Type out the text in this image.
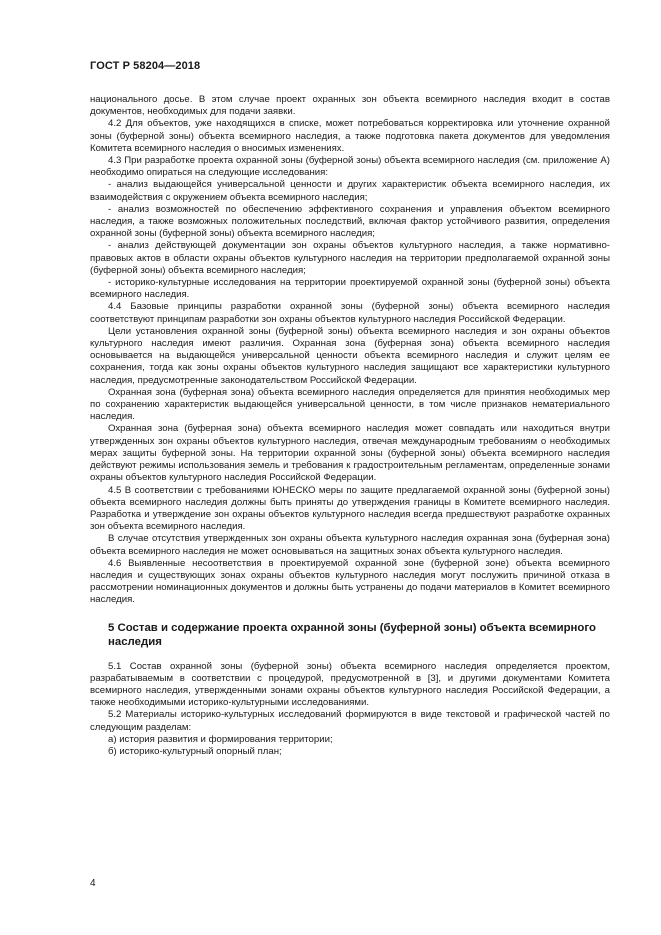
ГОСТ Р 58204—2018

национального досье. В этом случае проект охранных зон объекта всемирного наследия входит в состав документов, необходимых для подачи заявки.

4.2 Для объектов, уже находящихся в списке, может потребоваться корректировка или уточнение охранной зоны (буферной зоны) объекта всемирного наследия, а также подготовка пакета документов для уведомления Комитета всемирного наследия о вносимых изменениях.

4.3 При разработке проекта охранной зоны (буферной зоны) объекта всемирного наследия (см. приложение А) необходимо опираться на следующие исследования:

- анализ выдающейся универсальной ценности и других характеристик объекта всемирного наследия, их взаимодействия с окружением объекта всемирного наследия;

- анализ возможностей по обеспечению эффективного сохранения и управления объектом всемирного наследия, а также возможных положительных последствий, включая фактор устойчивого развития, определения охранной зоны (буферной зоны) объекта всемирного наследия;

- анализ действующей документации зон охраны объектов культурного наследия, а также нормативно-правовых актов в области охраны объектов культурного наследия на территории предполагаемой охранной зоны (буферной зоны) объекта всемирного наследия;

- историко-культурные исследования на территории проектируемой охранной зоны (буферной зоны) объекта всемирного наследия.

4.4 Базовые принципы разработки охранной зоны (буферной зоны) объекта всемирного наследия соответствуют принципам разработки зон охраны объектов культурного наследия Российской Федерации.

Цели установления охранной зоны (буферной зоны) объекта всемирного наследия и зон охраны объектов культурного наследия имеют различия. Охранная зона (буферная зона) объекта всемирного наследия основывается на выдающейся универсальной ценности объекта всемирного наследия и служит целям ее сохранения, тогда как зоны охраны объектов культурного наследия защищают все характеристики культурного наследия, предусмотренные законодательством Российской Федерации.

Охранная зона (буферная зона) объекта всемирного наследия определяется для принятия необходимых мер по сохранению характеристик выдающейся универсальной ценности, в том числе признаков нематериального наследия.

Охранная зона (буферная зона) объекта всемирного наследия может совпадать или находиться внутри утвержденных зон охраны объектов культурного наследия, отвечая международным требованиям о необходимых мерах защиты буферной зоны. На территории охранной зоны (буферной зоны) объекта всемирного наследия действуют режимы использования земель и требования к градостроительным регламентам, определенные зонами охраны объектов культурного наследия Российской Федерации.

4.5 В соответствии с требованиями ЮНЕСКО меры по защите предлагаемой охранной зоны (буферной зоны) объекта всемирного наследия должны быть приняты до утверждения границы в Комитете всемирного наследия. Разработка и утверждение зон охраны объектов культурного наследия всегда предшествуют разработке охранных зон объекта всемирного наследия.

В случае отсутствия утвержденных зон охраны объекта культурного наследия охранная зона (буферная зона) объекта всемирного наследия не может основываться на защитных зонах объекта культурного наследия.

4.6 Выявленные несоответствия в проектируемой охранной зоне (буферной зоне) объекта всемирного наследия и существующих зонах охраны объектов культурного наследия могут послужить причиной отказа в рассмотрении номинационных документов и должны быть устранены до подачи материалов в Комитет всемирного наследия.

5 Состав и содержание проекта охранной зоны (буферной зоны) объекта всемирного наследия

5.1 Состав охранной зоны (буферной зоны) объекта всемирного наследия определяется проектом, разрабатываемым в соответствии с процедурой, предусмотренной в [3], и другими документами Комитета всемирного наследия, утвержденными зонами охраны объектов культурного наследия Российской Федерации, а также необходимыми историко-культурными исследованиями.

5.2 Материалы историко-культурных исследований формируются в виде текстовой и графической частей по следующим разделам:

а) история развития и формирования территории;

б) историко-культурный опорный план;

4
